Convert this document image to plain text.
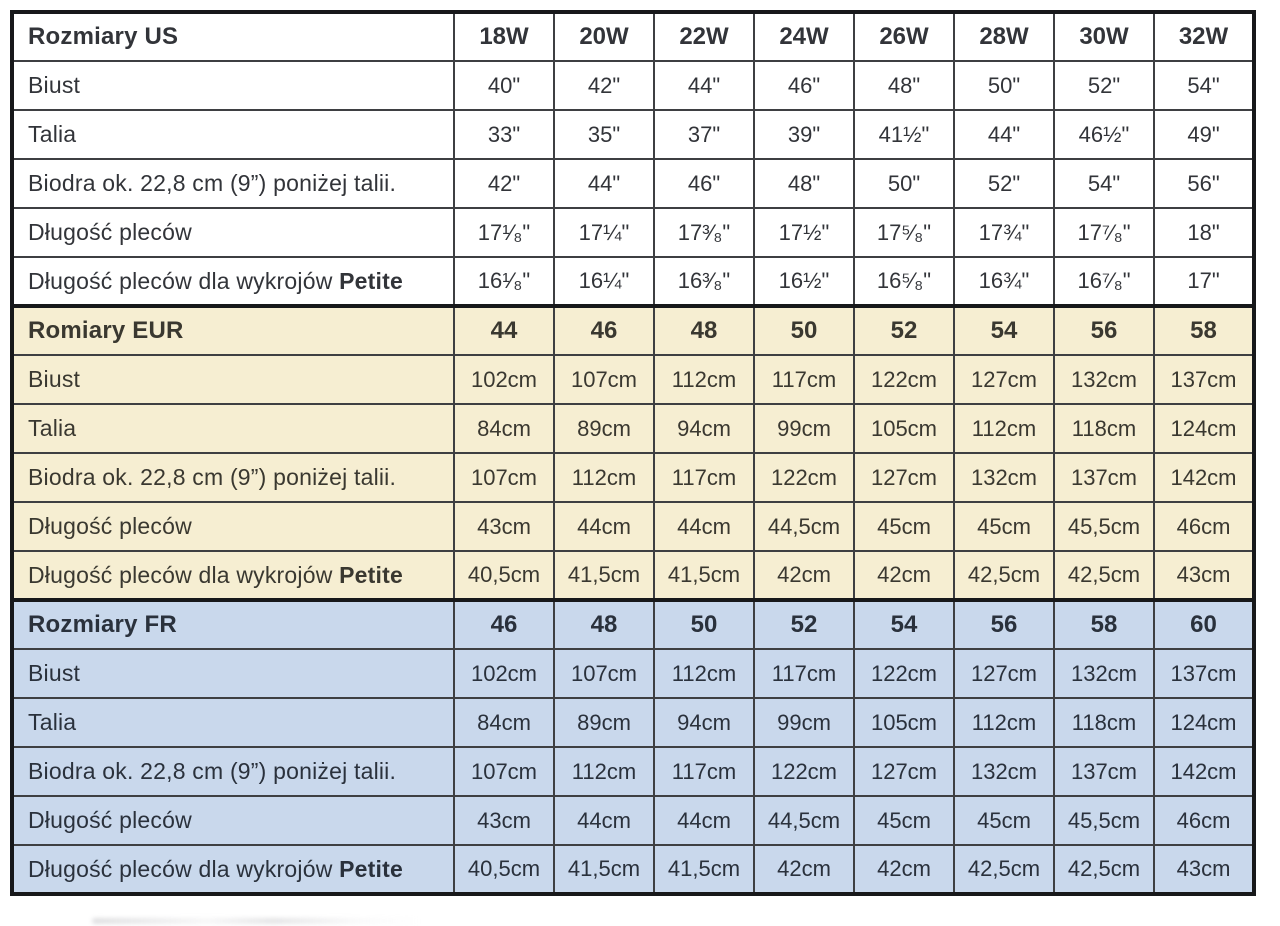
Rozmiary US	18W	20W	22W	24W	26W	28W	30W	32W
Biust	40"	42"	44"	46"	48"	50"	52"	54"
Talia	33"	35"	37"	39"	41½"	44"	46½"	49"
Biodra ok. 22,8 cm (9”) poniżej talii.	42"	44"	46"	48"	50"	52"	54"	56"
Długość pleców	17¹⁄₈"	17¼"	17³⁄₈"	17½"	17⁵⁄₈"	17¾"	17⁷⁄₈"	18"
Długość pleców dla wykrojów Petite	16¹⁄₈"	16¼"	16³⁄₈"	16½"	16⁵⁄₈"	16¾"	16⁷⁄₈"	17"
Romiary EUR	44	46	48	50	52	54	56	58
Biust	102cm	107cm	112cm	117cm	122cm	127cm	132cm	137cm
Talia	84cm	89cm	94cm	99cm	105cm	112cm	118cm	124cm
Biodra ok. 22,8 cm (9”) poniżej talii.	107cm	112cm	117cm	122cm	127cm	132cm	137cm	142cm
Długość pleców	43cm	44cm	44cm	44,5cm	45cm	45cm	45,5cm	46cm
Długość pleców dla wykrojów Petite	40,5cm	41,5cm	41,5cm	42cm	42cm	42,5cm	42,5cm	43cm
Rozmiary FR	46	48	50	52	54	56	58	60
Biust	102cm	107cm	112cm	117cm	122cm	127cm	132cm	137cm
Talia	84cm	89cm	94cm	99cm	105cm	112cm	118cm	124cm
Biodra ok. 22,8 cm (9”) poniżej talii.	107cm	112cm	117cm	122cm	127cm	132cm	137cm	142cm
Długość pleców	43cm	44cm	44cm	44,5cm	45cm	45cm	45,5cm	46cm
Długość pleców dla wykrojów Petite	40,5cm	41,5cm	41,5cm	42cm	42cm	42,5cm	42,5cm	43cm
